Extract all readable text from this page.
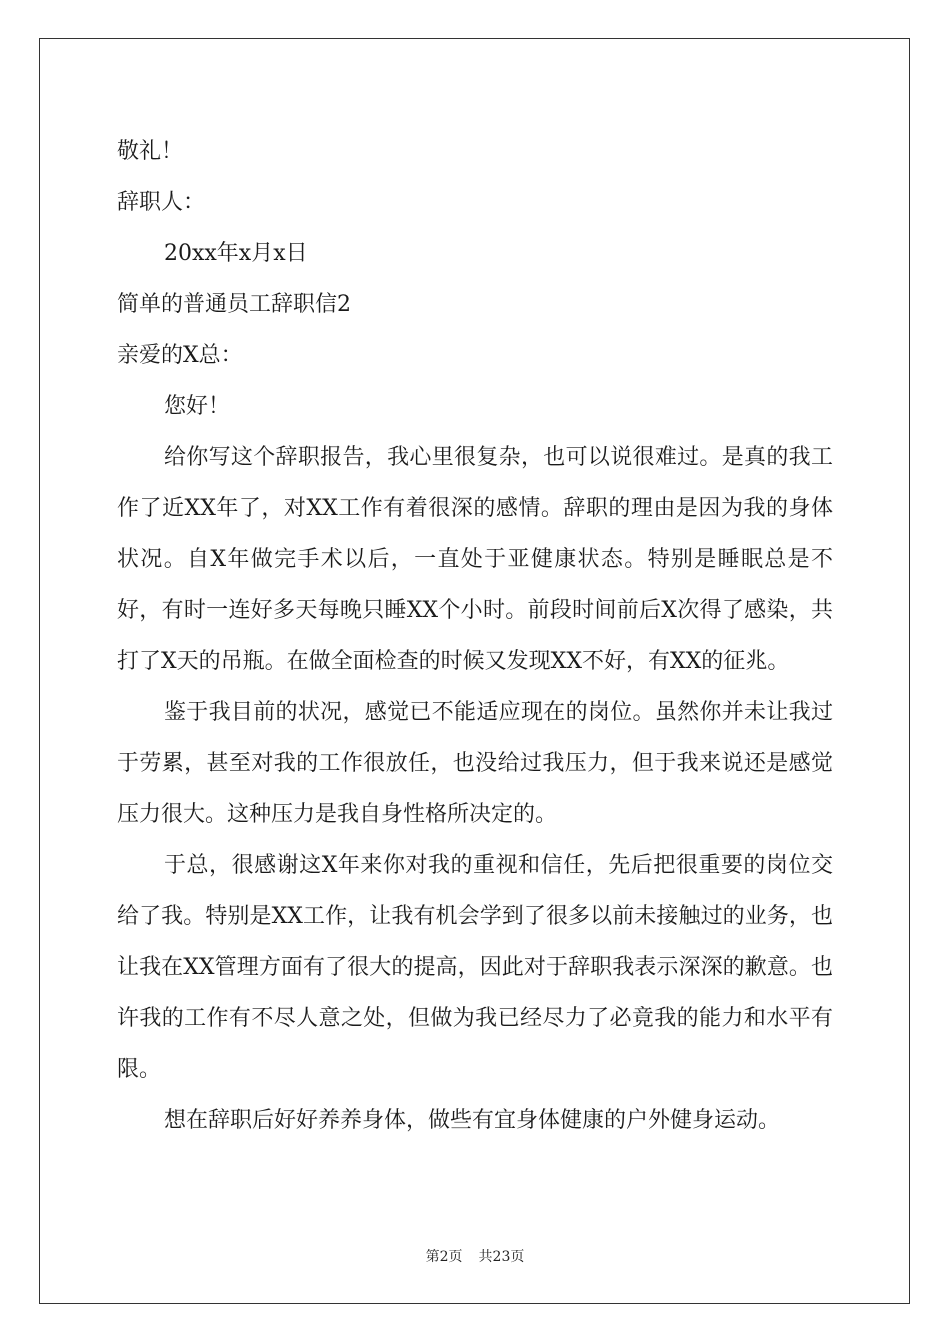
敬礼！
辞职人：
20xx年x月x日
简单的普通员工辞职信2
亲爱的X总：
您好！

给你写这个辞职报告，我心里很复杂，也可以说很难过。是真的我工作了近XX年了，对XX工作有着很深的感情。辞职的理由是因为我的身体状况。自X年做完手术以后，一直处于亚健康状态。特别是睡眠总是不好，有时一连好多天每晚只睡XX个小时。前段时间前后X次得了感染，共打了X天的吊瓶。在做全面检查的时候又发现XX不好，有XX的征兆。

鉴于我目前的状况，感觉已不能适应现在的岗位。虽然你并未让我过于劳累，甚至对我的工作很放任，也没给过我压力，但于我来说还是感觉压力很大。这种压力是我自身性格所决定的。

于总，很感谢这X年来你对我的重视和信任，先后把很重要的岗位交给了我。特别是XX工作，让我有机会学到了很多以前未接触过的业务，也让我在XX管理方面有了很大的提高，因此对于辞职我表示深深的歉意。也许我的工作有不尽人意之处，但做为我已经尽力了必竟我的能力和水平有限。

想在辞职后好好养养身体，做些有宜身体健康的户外健身运动。

第2页 共23页
